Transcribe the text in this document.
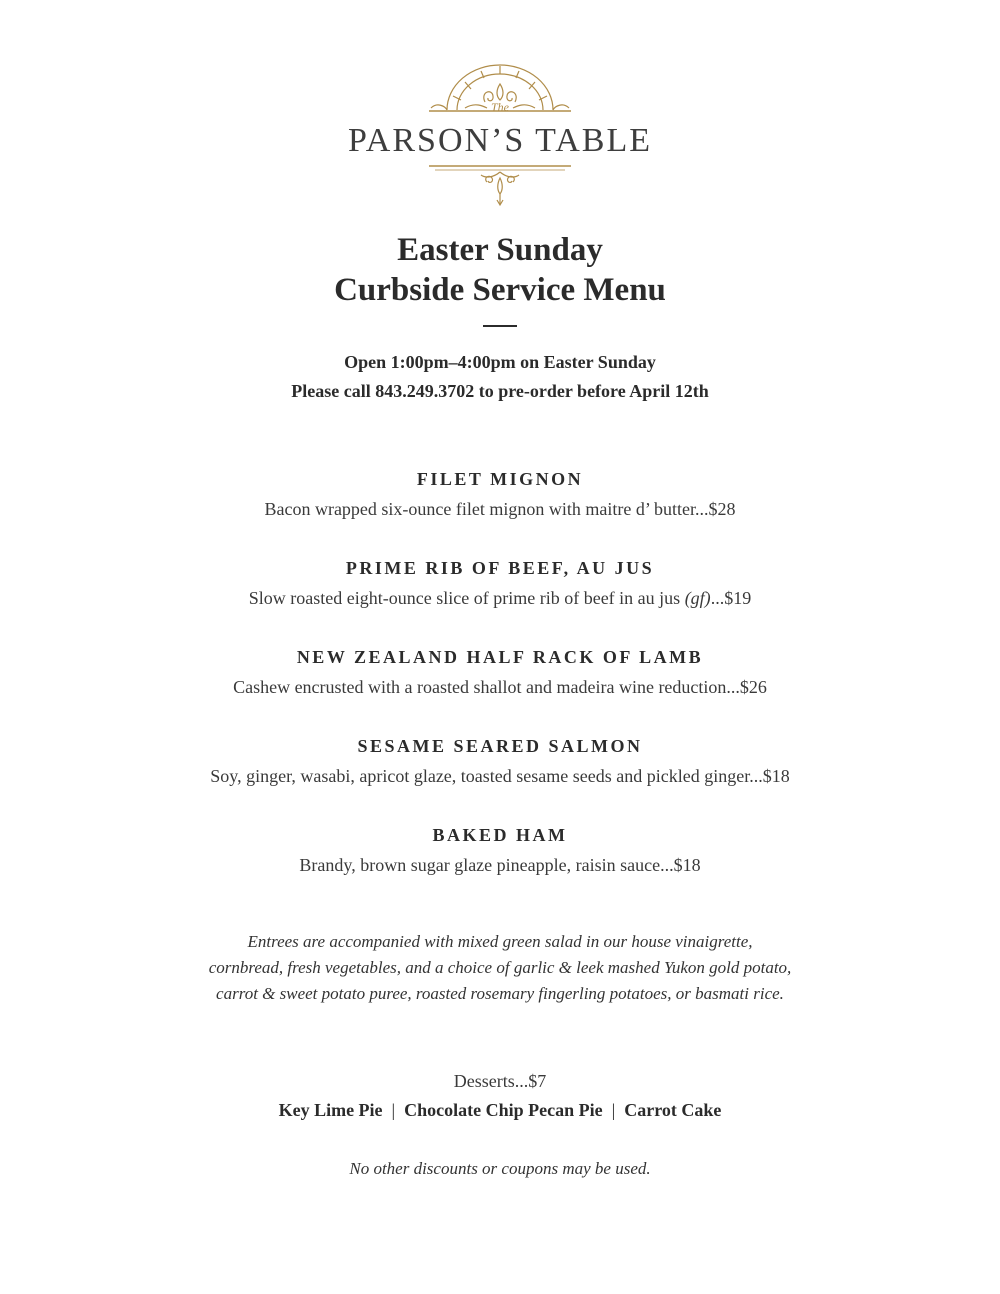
The
PARSON’S TABLE
Easter Sunday
Curbside Service Menu
Open 1:00pm–4:00pm on Easter Sunday
Please call 843.249.3702 to pre-order before April 12th
FILET MIGNON
Bacon wrapped six-ounce filet mignon with maitre d’ butter...$28
PRIME RIB OF BEEF, AU JUS
Slow roasted eight-ounce slice of prime rib of beef in au jus (gf)...$19
NEW ZEALAND HALF RACK OF LAMB
Cashew encrusted with a roasted shallot and madeira wine reduction...$26
SESAME SEARED SALMON
Soy, ginger, wasabi, apricot glaze, toasted sesame seeds and pickled ginger...$18
BAKED HAM
Brandy, brown sugar glaze pineapple, raisin sauce...$18
Entrees are accompanied with mixed green salad in our house vinaigrette,
cornbread, fresh vegetables, and a choice of garlic & leek mashed Yukon gold potato,
carrot & sweet potato puree, roasted rosemary fingerling potatoes, or basmati rice.
Desserts...$7
Key Lime Pie | Chocolate Chip Pecan Pie | Carrot Cake
No other discounts or coupons may be used.
